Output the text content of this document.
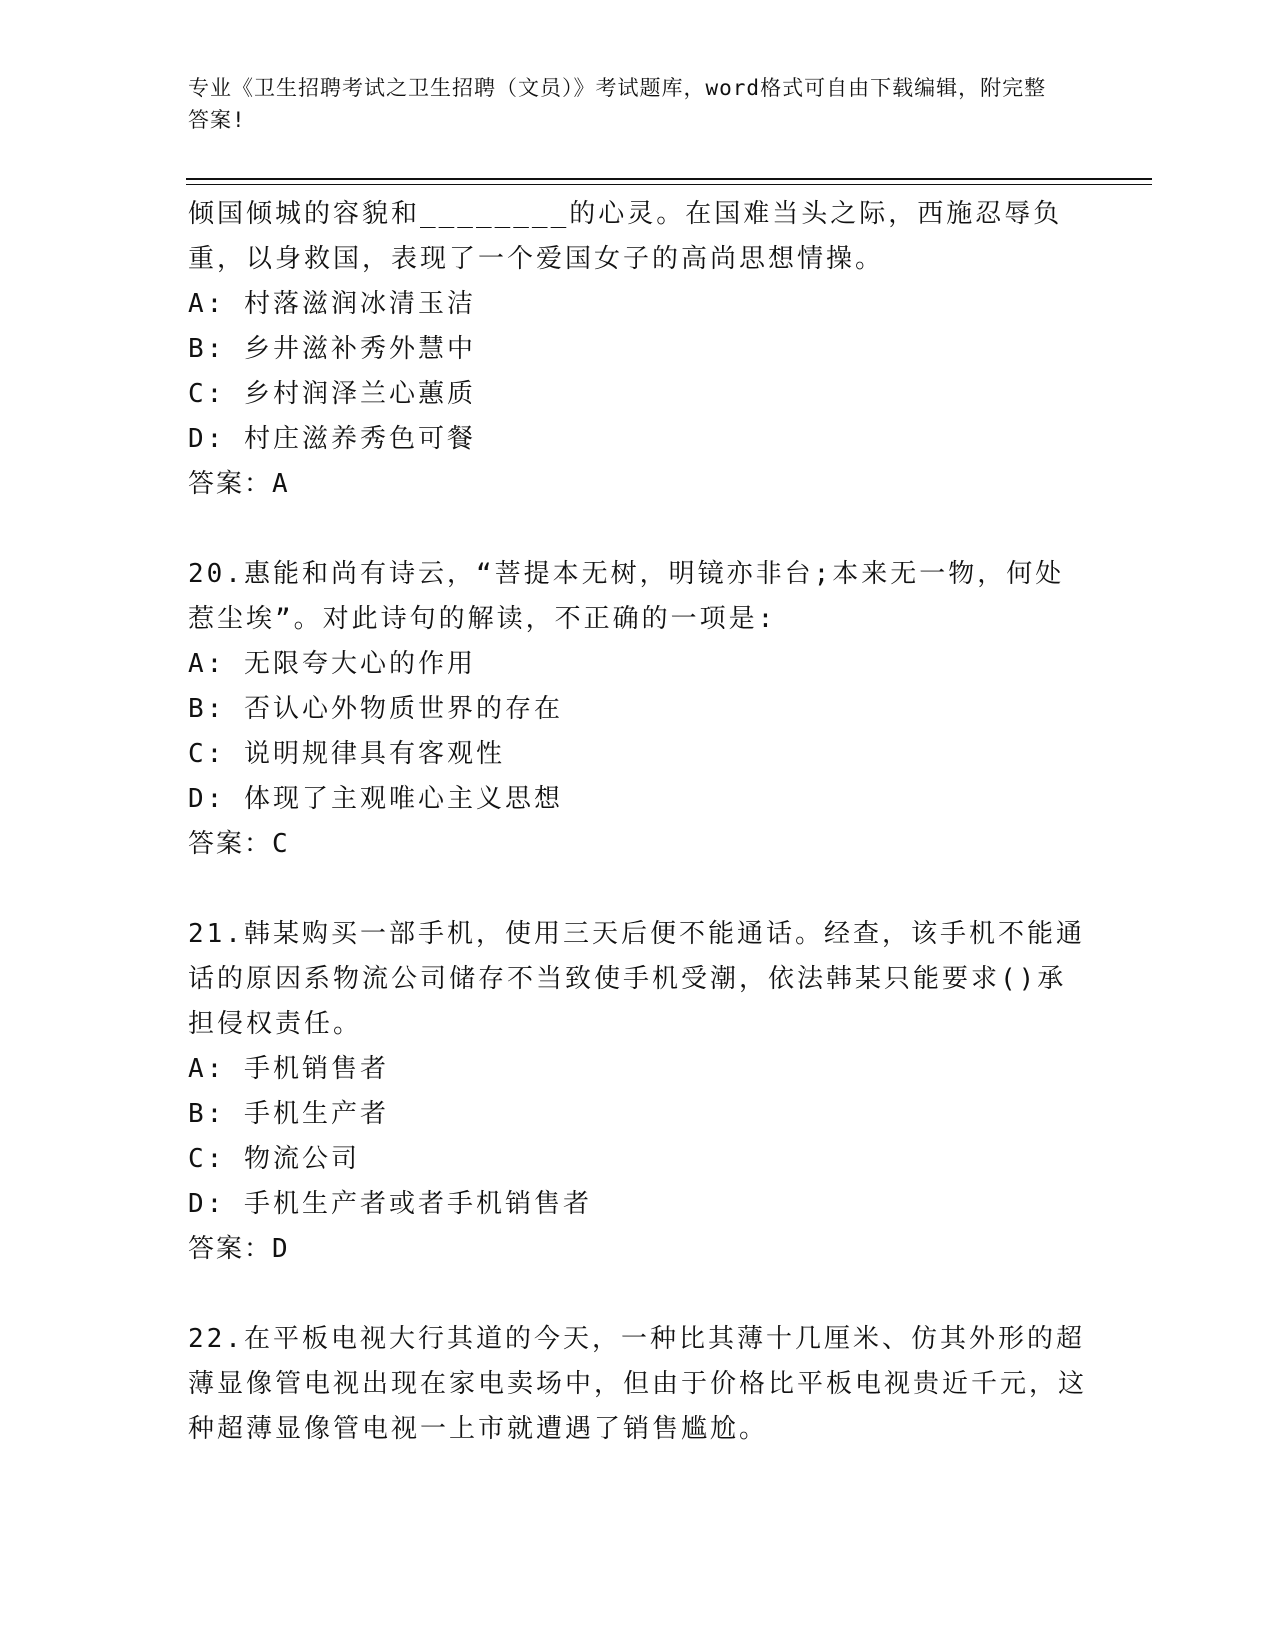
专业《卫生招聘考试之卫生招聘（文员）》考试题库，word格式可自由下载编辑，附完整答案!

倾国倾城的容貌和________的心灵。在国难当头之际，西施忍辱负重，以身救国，表现了一个爱国女子的高尚思想情操。

A: 村落滋润冰清玉洁

B: 乡井滋补秀外慧中

C: 乡村润泽兰心蕙质

D: 村庄滋养秀色可餐

答案：A

20.惠能和尚有诗云，“菩提本无树，明镜亦非台;本来无一物，何处惹尘埃”。对此诗句的解读，不正确的一项是:

A: 无限夸大心的作用

B: 否认心外物质世界的存在

C: 说明规律具有客观性

D: 体现了主观唯心主义思想

答案：C

21.韩某购买一部手机，使用三天后便不能通话。经查，该手机不能通话的原因系物流公司储存不当致使手机受潮，依法韩某只能要求()承担侵权责任。

A: 手机销售者

B: 手机生产者

C: 物流公司

D: 手机生产者或者手机销售者

答案：D

22.在平板电视大行其道的今天，一种比其薄十几厘米、仿其外形的超薄显像管电视出现在家电卖场中，但由于价格比平板电视贵近千元，这种超薄显像管电视一上市就遭遇了销售尴尬。
